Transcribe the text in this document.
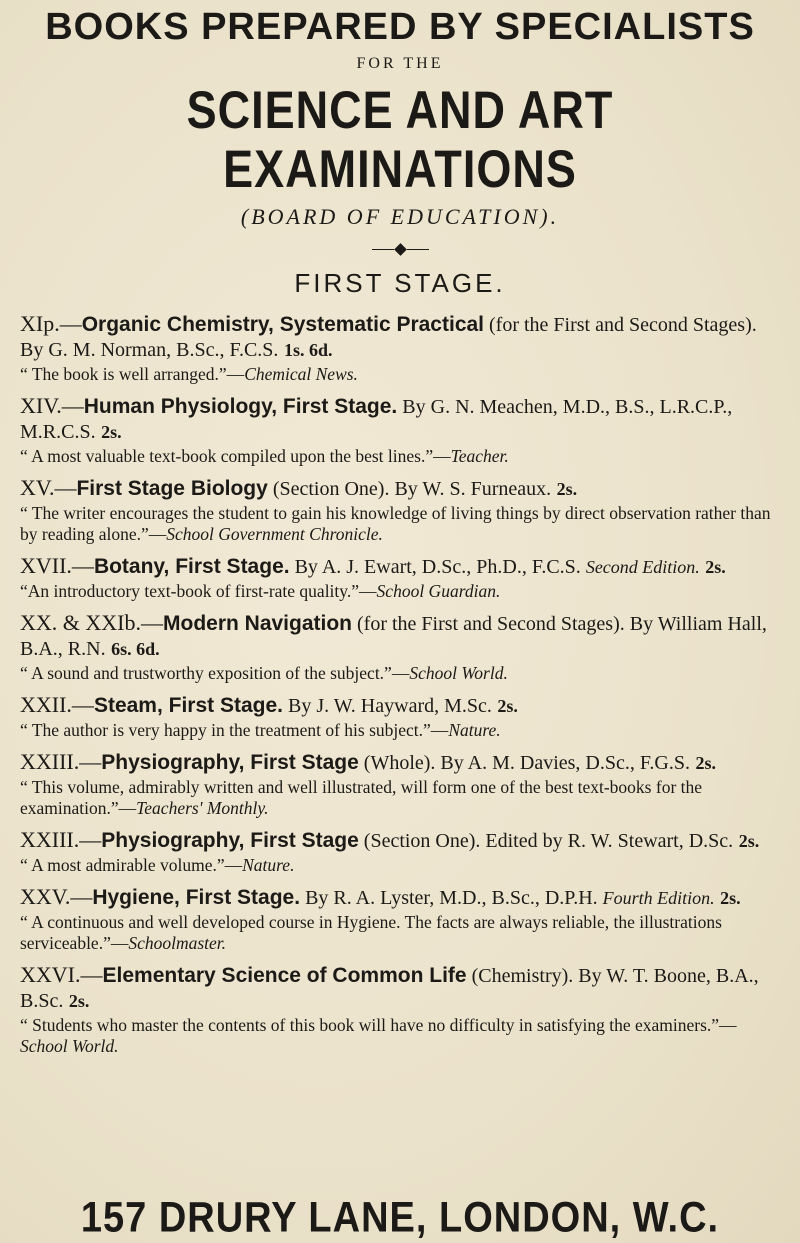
BOOKS PREPARED BY SPECIALISTS
FOR THE
SCIENCE AND ART EXAMINATIONS
(BOARD OF EDUCATION).
FIRST STAGE.

XIp.—Organic Chemistry, Systematic Practical (for the First and Second Stages). By G. M. Norman, B.Sc., F.C.S. 1s. 6d.

“ The book is well arranged.”—Chemical News.

XIV.—Human Physiology, First Stage. By G. N. Meachen, M.D., B.S., L.R.C.P., M.R.C.S. 2s.

“ A most valuable text-book compiled upon the best lines.”—Teacher.

XV.—First Stage Biology (Section One). By W. S. Furneaux. 2s.

“ The writer encourages the student to gain his knowledge of living things by direct observation rather than by reading alone.”—School Government Chronicle.

XVII.—Botany, First Stage. By A. J. Ewart, D.Sc., Ph.D., F.C.S. Second Edition. 2s.

“An introductory text-book of first-rate quality.”—School Guardian.

XX. & XXIb.—Modern Navigation (for the First and Second Stages). By William Hall, B.A., R.N. 6s. 6d.

“ A sound and trustworthy exposition of the subject.”—School World.

XXII.—Steam, First Stage. By J. W. Hayward, M.Sc. 2s.

“ The author is very happy in the treatment of his subject.”—Nature.

XXIII.—Physiography, First Stage (Whole). By A. M. Davies, D.Sc., F.G.S. 2s.

“ This volume, admirably written and well illustrated, will form one of the best text-books for the examination.”—Teachers' Monthly.

XXIII.—Physiography, First Stage (Section One). Edited by R. W. Stewart, D.Sc. 2s.

“ A most admirable volume.”—Nature.

XXV.—Hygiene, First Stage. By R. A. Lyster, M.D., B.Sc., D.P.H. Fourth Edition. 2s.

“ A continuous and well developed course in Hygiene. The facts are always reliable, the illustrations serviceable.”—Schoolmaster.

XXVI.—Elementary Science of Common Life (Chemistry). By W. T. Boone, B.A., B.Sc. 2s.

“ Students who master the contents of this book will have no difficulty in satisfying the examiners.”—School World.

157 DRURY LANE, LONDON, W.C.
